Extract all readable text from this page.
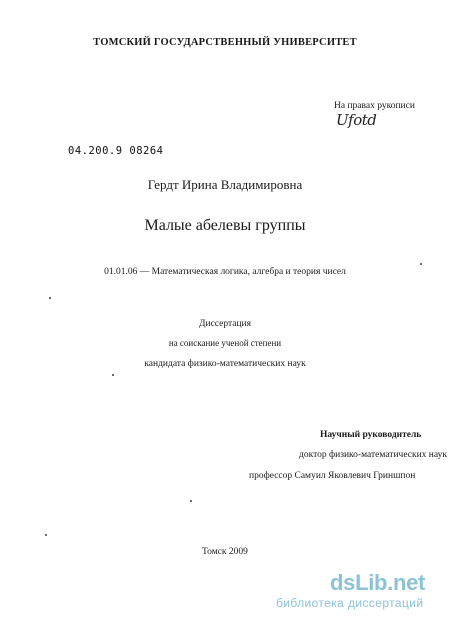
ТОМСКИЙ ГОСУДАРСТВЕННЫЙ УНИВЕРСИТЕТ
На правах рукописи
Ufotd
04.200.9 08264
Гердт Ирина Владимировна
Малые абелевы группы
01.01.06 — Математическая логика, алгебра и теория чисел
Диссертация
на соискание ученой степени
кандидата физико-математических наук
Научный руководитель
доктор физико-математических наук
профессор Самуил Яковлевич Гриншпон
Томск 2009
dsLib.net
библиотека диссертаций
